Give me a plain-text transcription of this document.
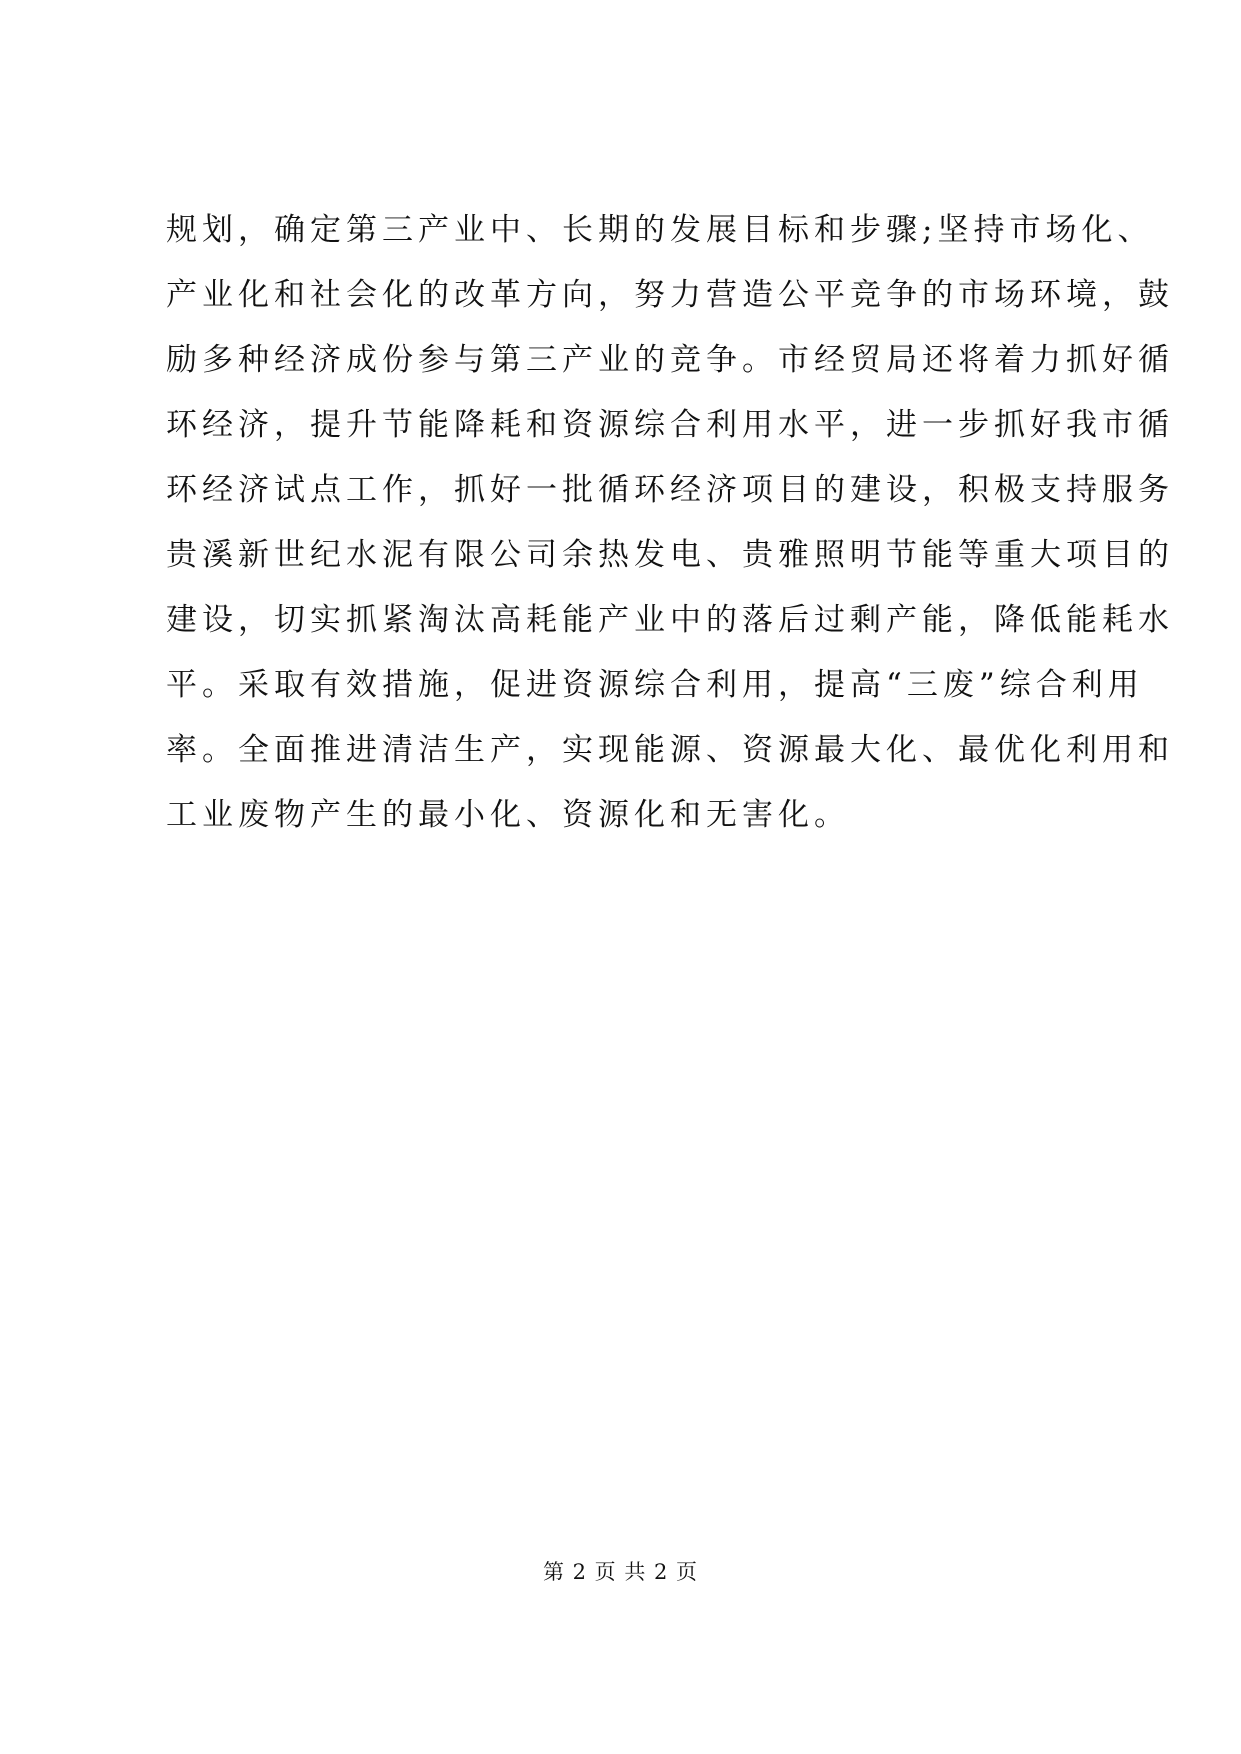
规划，确定第三产业中、长期的发展目标和步骤;坚持市场化、
产业化和社会化的改革方向，努力营造公平竞争的市场环境，鼓
励多种经济成份参与第三产业的竞争。市经贸局还将着力抓好循
环经济，提升节能降耗和资源综合利用水平，进一步抓好我市循
环经济试点工作，抓好一批循环经济项目的建设，积极支持服务
贵溪新世纪水泥有限公司余热发电、贵雅照明节能等重大项目的
建设，切实抓紧淘汰高耗能产业中的落后过剩产能，降低能耗水
平。采取有效措施，促进资源综合利用，提高“三废”综合利用
率。全面推进清洁生产，实现能源、资源最大化、最优化利用和
工业废物产生的最小化、资源化和无害化。
第 2 页 共 2 页
